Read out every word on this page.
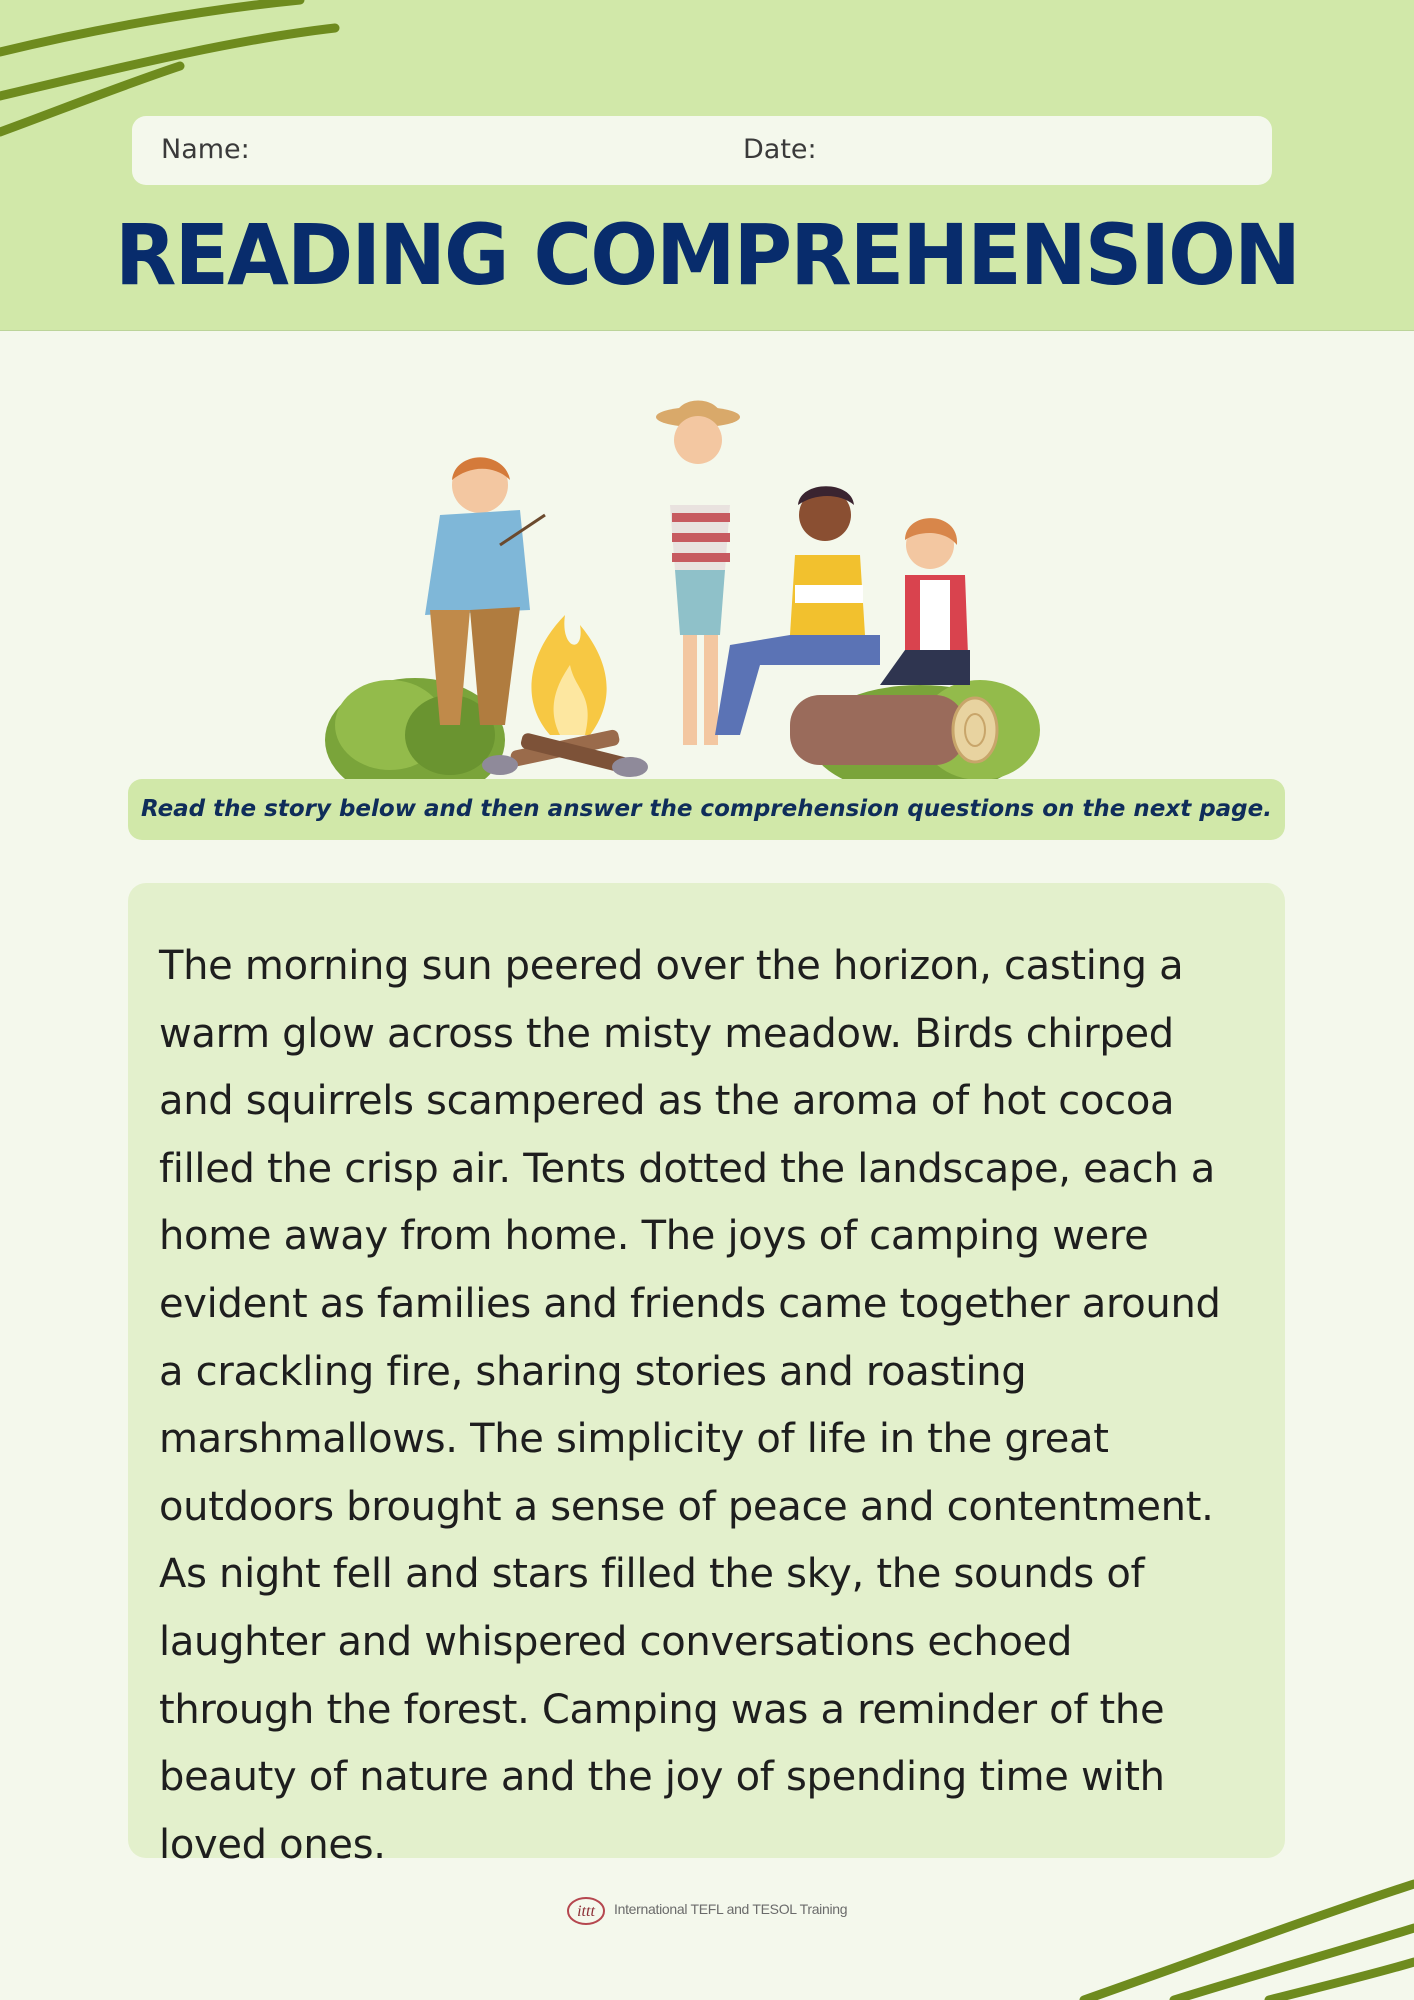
Name:	Date:
READING COMPREHENSION
Read the story below and then answer the comprehension questions on the next page.
The morning sun peered over the horizon, casting a
warm glow across the misty meadow. Birds chirped
and squirrels scampered as the aroma of hot cocoa
filled the crisp air. Tents dotted the landscape, each a
home away from home. The joys of camping were
evident as families and friends came together around
a crackling fire, sharing stories and roasting
marshmallows. The simplicity of life in the great
outdoors brought a sense of peace and contentment.
As night fell and stars filled the sky, the sounds of
laughter and whispered conversations echoed
through the forest. Camping was a reminder of the
beauty of nature and the joy of spending time with
loved ones.
ittt International TEFL and TESOL Training
